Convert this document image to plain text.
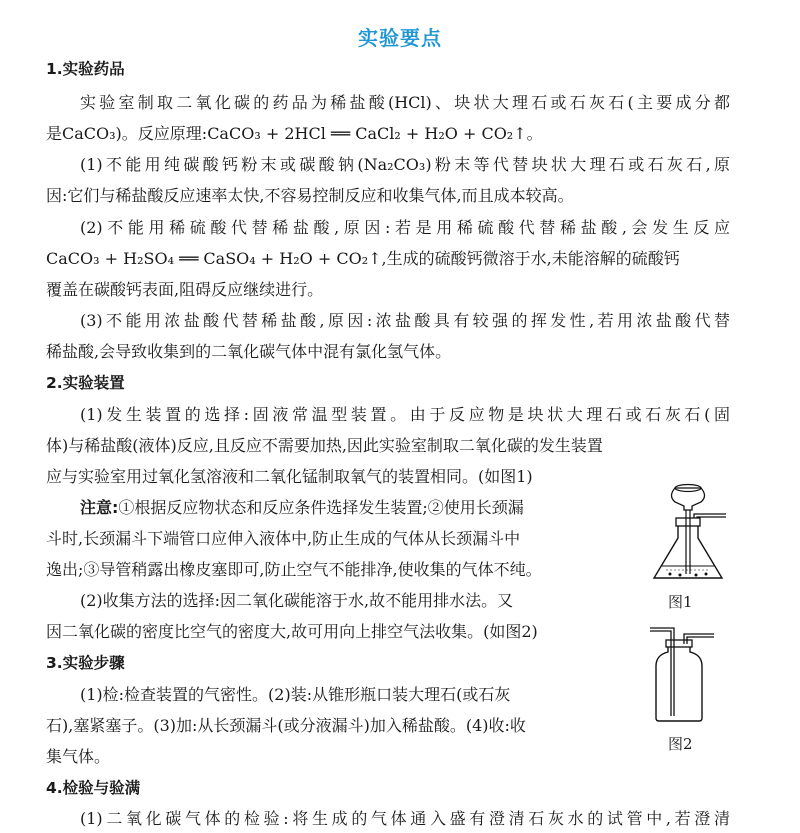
实验要点
1.实验药品
实验室制取二氧化碳的药品为稀盐酸(HCl)、块状大理石或石灰石(主要成分都
是CaCO₃)。反应原理:CaCO₃ + 2HCl ══ CaCl₂ + H₂O + CO₂↑。
(1)不能用纯碳酸钙粉末或碳酸钠(Na₂CO₃)粉末等代替块状大理石或石灰石,原
因:它们与稀盐酸反应速率太快,不容易控制反应和收集气体,而且成本较高。
(2)不能用稀硫酸代替稀盐酸,原因:若是用稀硫酸代替稀盐酸,会发生反应
CaCO₃ + H₂SO₄ ══ CaSO₄ + H₂O + CO₂↑,生成的硫酸钙微溶于水,未能溶解的硫酸钙
覆盖在碳酸钙表面,阻碍反应继续进行。
(3)不能用浓盐酸代替稀盐酸,原因:浓盐酸具有较强的挥发性,若用浓盐酸代替
稀盐酸,会导致收集到的二氧化碳气体中混有氯化氢气体。
2.实验装置
(1)发生装置的选择:固液常温型装置。由于反应物是块状大理石或石灰石(固
体)与稀盐酸(液体)反应,且反应不需要加热,因此实验室制取二氧化碳的发生装置
应与实验室用过氧化氢溶液和二氧化锰制取氧气的装置相同。(如图1)
注意:①根据反应物状态和反应条件选择发生装置;②使用长颈漏
斗时,长颈漏斗下端管口应伸入液体中,防止生成的气体从长颈漏斗中
逸出;③导管稍露出橡皮塞即可,防止空气不能排净,使收集的气体不纯。
(2)收集方法的选择:因二氧化碳能溶于水,故不能用排水法。又
因二氧化碳的密度比空气的密度大,故可用向上排空气法收集。(如图2)
3.实验步骤
(1)检:检查装置的气密性。(2)装:从锥形瓶口装大理石(或石灰
石),塞紧塞子。(3)加:从长颈漏斗(或分液漏斗)加入稀盐酸。(4)收:收
集气体。
4.检验与验满
(1)二氧化碳气体的检验:将生成的气体通入盛有澄清石灰水的试管中,若澄清
图1
图2
